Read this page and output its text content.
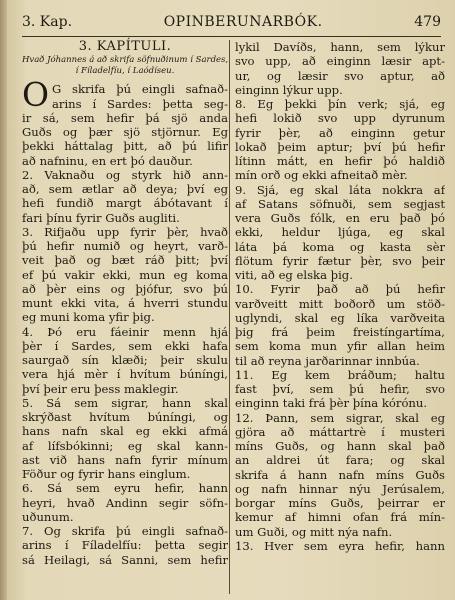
3. Kap.	OPINBERUNARBÓK.	479
3. KAPÍTULI.
Hvað Jóhannes á að skrifa söfnuðinum í Sardes,
í Fíladelfíu, í Laódíseu.
O G skrifa þú eingli safnað-
arins í Sardes: þetta seg-
ir sá, sem hefir þá sjö anda
Guðs og þær sjö stjörnur. Eg
þekki háttalag þitt, að þú lifir
að nafninu, en ert þó dauður.
2. Vaknaðu og styrk hið ann-
að, sem ætlar að deya; því eg
hefi fundið margt ábótavant í
fari þínu fyrir Guðs augliti.
3. Rifjaðu upp fyrir þèr, hvað
þú hefir numið og heyrt, varð-
veit það og bæt ráð þitt; því
ef þú vakir ekki, mun eg koma
að þèr eins og þjófur, svo þú
munt ekki vita, á hverri stundu
eg muni koma yfir þig.
4. Þó eru fáeinir menn hjá
þèr í Sardes, sem ekki hafa
saurgað sín klæði; þeir skulu
vera hjá mèr í hvítum búníngi,
því þeir eru þess maklegir.
5. Sá sem sigrar, hann skal
skrýðast hvítum búníngi, og
hans nafn skal eg ekki afmá
af lífsbókinni; eg skal kann-
ast við hans nafn fyrir mínum
Föður og fyrir hans einglum.
6. Sá sem eyru hefir, hann
heyri, hvað Andinn segir söfn-
uðunum.
7. Og skrifa þú eingli safnað-
arins í Fíladelfíu: þetta segir
sá Heilagi, sá Sanni, sem hefir
lykil Davíðs, hann, sem lýkur
svo upp, að einginn læsir apt-
ur, og læsir svo aptur, að
einginn lýkur upp.
8. Eg þekki þín verk; sjá, eg
hefi lokið svo upp dyrunum
fyrir þèr, að einginn getur
lokað þeim aptur; því þú hefir
lítinn mátt, en hefir þó haldið
mín orð og ekki afneitað mèr.
9. Sjá, eg skal láta nokkra af
af Satans söfnuði, sem segjast
vera Guðs fólk, en eru það þó
ekki, heldur ljúga, eg skal
láta þá koma og kasta sèr
flötum fyrir fætur þèr, svo þeir
viti, að eg elska þig.
10. Fyrir það að þú hefir
varðveitt mitt boðorð um stöð-
uglyndi, skal eg líka varðveita
þig frá þeim freistíngartíma,
sem koma mun yfir allan heim
til að reyna jarðarinnar innbúa.
11. Eg kem bráðum; haltu
fast því, sem þú hefir, svo
einginn taki frá þèr þína kórónu.
12. Þann, sem sigrar, skal eg
gjöra að máttartrè í musteri
míns Guðs, og hann skal það
an aldrei út fara; og skal
skrifa á hann nafn míns Guðs
og nafn hinnar nýu Jerúsalem,
borgar míns Guðs, þeirrar er
kemur af himni ofan frá mín-
um Guði, og mitt nýa nafn.
13. Hver sem eyra hefir, hann
